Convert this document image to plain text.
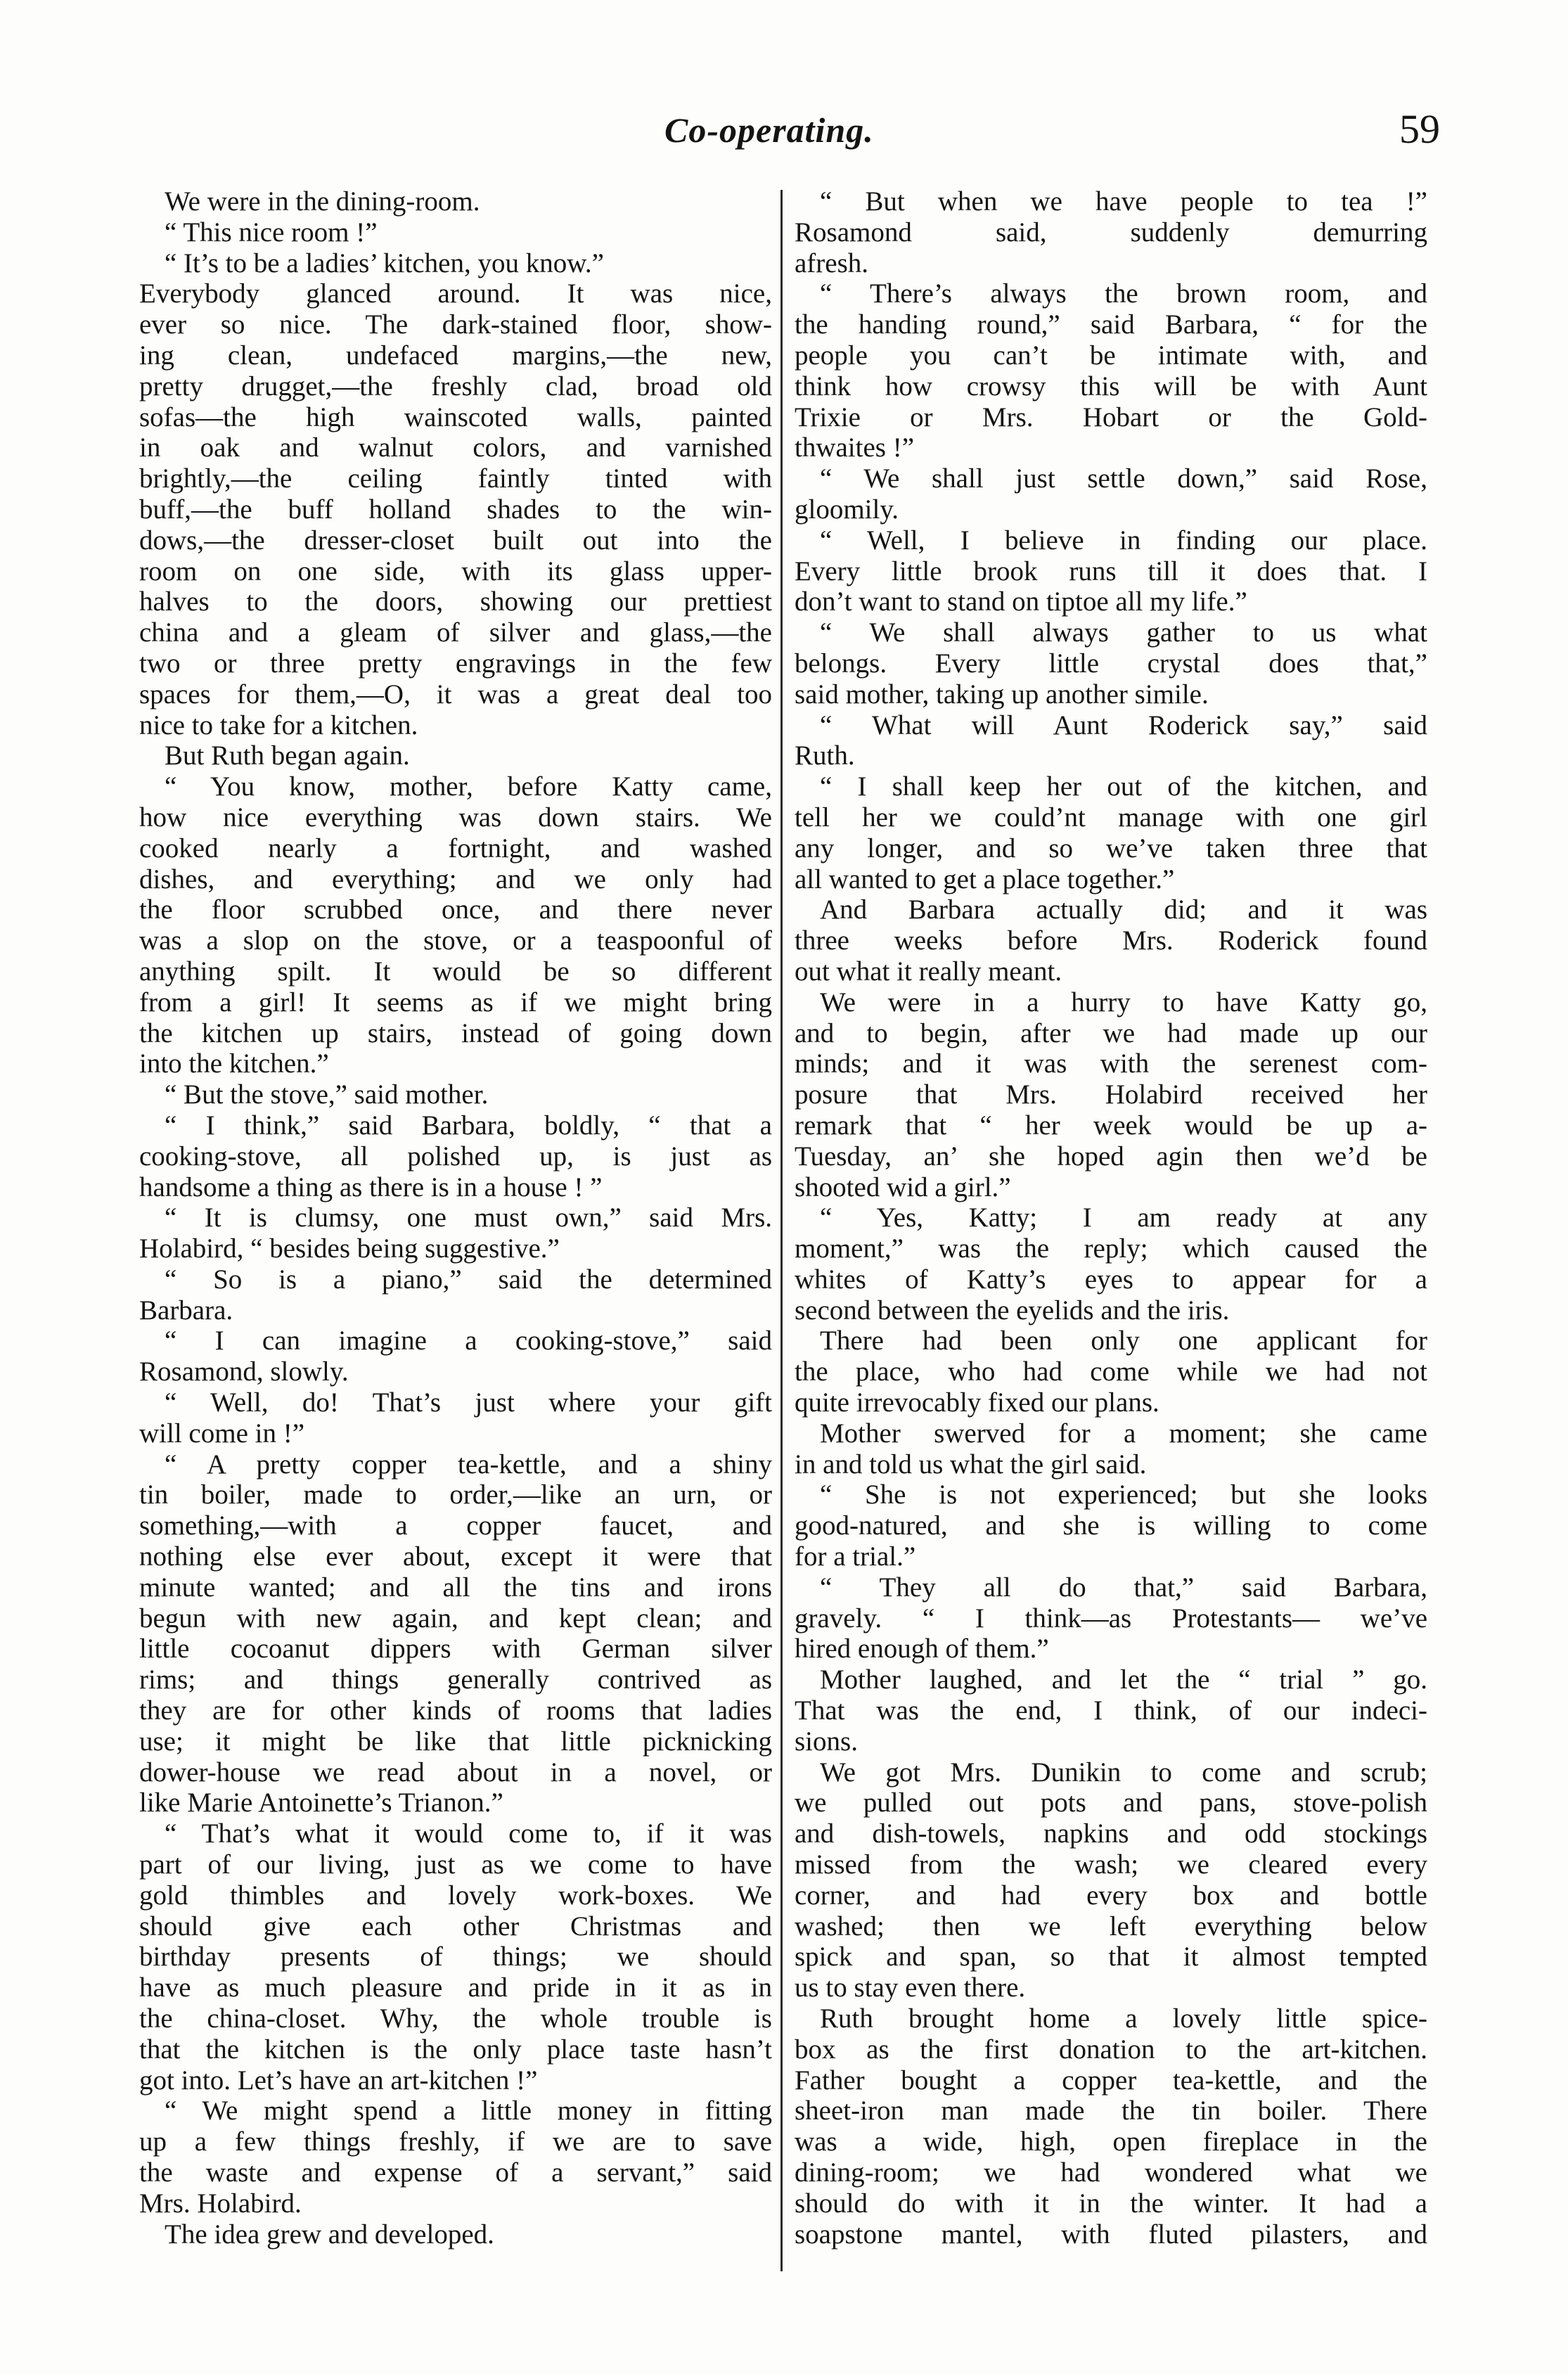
Co-operating.	59
We were in the dining-room.
“ This nice room !”
“ It’s to be a ladies’ kitchen, you know.”
Everybody glanced around. It was nice,
ever so nice. The dark-stained floor, show-
ing clean, undefaced margins,—the new,
pretty drugget,—the freshly clad, broad old
sofas—the high wainscoted walls, painted
in oak and walnut colors, and varnished
brightly,—the ceiling faintly tinted with
buff,—the buff holland shades to the win-
dows,—the dresser-closet built out into the
room on one side, with its glass upper-
halves to the doors, showing our prettiest
china and a gleam of silver and glass,—the
two or three pretty engravings in the few
spaces for them,—O, it was a great deal too
nice to take for a kitchen.
But Ruth began again.
“ You know, mother, before Katty came,
how nice everything was down stairs. We
cooked nearly a fortnight, and washed
dishes, and everything; and we only had
the floor scrubbed once, and there never
was a slop on the stove, or a teaspoonful of
anything spilt. It would be so different
from a girl! It seems as if we might bring
the kitchen up stairs, instead of going down
into the kitchen.”
“ But the stove,” said mother.
“ I think,” said Barbara, boldly, “ that a
cooking-stove, all polished up, is just as
handsome a thing as there is in a house ! ”
“ It is clumsy, one must own,” said Mrs.
Holabird, “ besides being suggestive.”
“ So is a piano,” said the determined
Barbara.
“ I can imagine a cooking-stove,” said
Rosamond, slowly.
“ Well, do! That’s just where your gift
will come in !”
“ A pretty copper tea-kettle, and a shiny
tin boiler, made to order,—like an urn, or
something,—with a copper faucet, and
nothing else ever about, except it were that
minute wanted; and all the tins and irons
begun with new again, and kept clean; and
little cocoanut dippers with German silver
rims; and things generally contrived as
they are for other kinds of rooms that ladies
use; it might be like that little picknicking
dower-house we read about in a novel, or
like Marie Antoinette’s Trianon.”
“ That’s what it would come to, if it was
part of our living, just as we come to have
gold thimbles and lovely work-boxes. We
should give each other Christmas and
birthday presents of things; we should
have as much pleasure and pride in it as in
the china-closet. Why, the whole trouble is
that the kitchen is the only place taste hasn’t
got into. Let’s have an art-kitchen !”
“ We might spend a little money in fitting
up a few things freshly, if we are to save
the waste and expense of a servant,” said
Mrs. Holabird.
The idea grew and developed.
“ But when we have people to tea !”
Rosamond said, suddenly demurring
afresh.
“ There’s always the brown room, and
the handing round,” said Barbara, “ for the
people you can’t be intimate with, and
think how crowsy this will be with Aunt
Trixie or Mrs. Hobart or the Gold-
thwaites !”
“ We shall just settle down,” said Rose,
gloomily.
“ Well, I believe in finding our place.
Every little brook runs till it does that. I
don’t want to stand on tiptoe all my life.”
“ We shall always gather to us what
belongs. Every little crystal does that,”
said mother, taking up another simile.
“ What will Aunt Roderick say,” said
Ruth.
“ I shall keep her out of the kitchen, and
tell her we could’nt manage with one girl
any longer, and so we’ve taken three that
all wanted to get a place together.”
And Barbara actually did; and it was
three weeks before Mrs. Roderick found
out what it really meant.
We were in a hurry to have Katty go,
and to begin, after we had made up our
minds; and it was with the serenest com-
posure that Mrs. Holabird received her
remark that “ her week would be up a-
Tuesday, an’ she hoped agin then we’d be
shooted wid a girl.”
“ Yes, Katty; I am ready at any
moment,” was the reply; which caused the
whites of Katty’s eyes to appear for a
second between the eyelids and the iris.
There had been only one applicant for
the place, who had come while we had not
quite irrevocably fixed our plans.
Mother swerved for a moment; she came
in and told us what the girl said.
“ She is not experienced; but she looks
good-natured, and she is willing to come
for a trial.”
“ They all do that,” said Barbara,
gravely. “ I think—as Protestants— we’ve
hired enough of them.”
Mother laughed, and let the “ trial ” go.
That was the end, I think, of our indeci-
sions.
We got Mrs. Dunikin to come and scrub;
we pulled out pots and pans, stove-polish
and dish-towels, napkins and odd stockings
missed from the wash; we cleared every
corner, and had every box and bottle
washed; then we left everything below
spick and span, so that it almost tempted
us to stay even there.
Ruth brought home a lovely little spice-
box as the first donation to the art-kitchen.
Father bought a copper tea-kettle, and the
sheet-iron man made the tin boiler. There
was a wide, high, open fireplace in the
dining-room; we had wondered what we
should do with it in the winter. It had a
soapstone mantel, with fluted pilasters, and
